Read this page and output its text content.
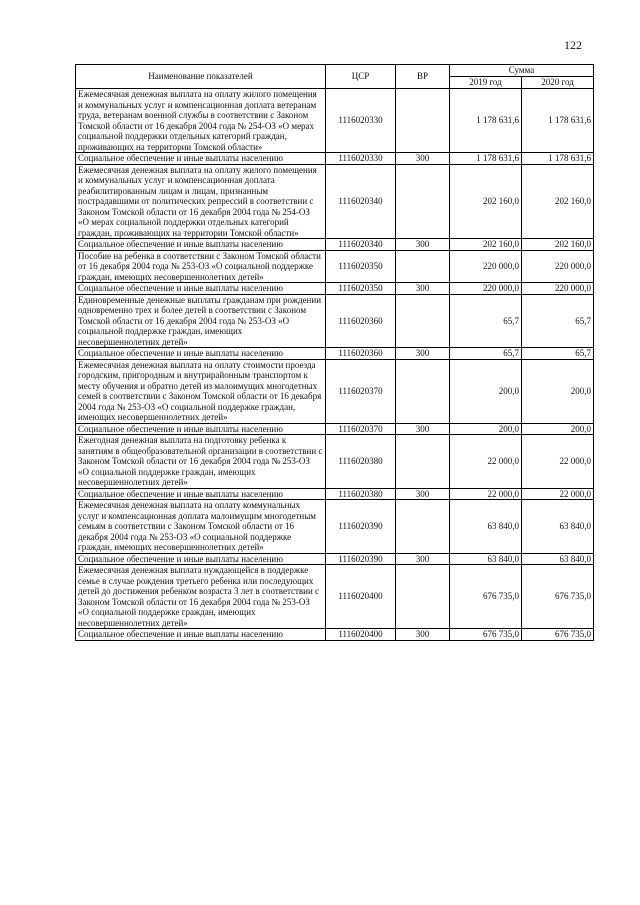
122
Наименование показателей	ЦСР	ВР	Сумма	
			2019 год	2020 год
Ежемесячная денежная выплата на оплату жилого помещения и коммунальных услуг и компенсационная доплата ветеранам труда, ветеранам военной службы в соответствии с Законом Томской области от 16 декабря 2004 года № 254-ОЗ «О мерах социальной поддержки отдельных категорий граждан, проживающих на территории Томской области»	1116020330		1 178 631,6	1 178 631,6
Социальное обеспечение и иные выплаты населению	1116020330	300	1 178 631,6	1 178 631,6
Ежемесячная денежная выплата на оплату жилого помещения и коммунальных услуг и компенсационная доплата реабилитированным лицам и лицам, признанным пострадавшими от политических репрессий в соответствии с Законом Томской области от 16 декабря 2004 года № 254-ОЗ «О мерах социальной поддержки отдельных категорий граждан, проживающих на территории Томской области»	1116020340		202 160,0	202 160,0
Социальное обеспечение и иные выплаты населению	1116020340	300	202 160,0	202 160,0
Пособие на ребенка в соответствии с Законом Томской области от 16 декабря 2004 года № 253-ОЗ «О социальной поддержке граждан, имеющих несовершеннолетних детей»	1116020350		220 000,0	220 000,0
Социальное обеспечение и иные выплаты населению	1116020350	300	220 000,0	220 000,0
Единовременные денежные выплаты гражданам при рождении одновременно трех и более детей в соответствии с Законом Томской области от 16 декабря 2004 года № 253-ОЗ «О социальной поддержке граждан, имеющих несовершеннолетних детей»	1116020360		65,7	65,7
Социальное обеспечение и иные выплаты населению	1116020360	300	65,7	65,7
Ежемесячная денежная выплата на оплату стоимости проезда городским, пригородным и внутрирайонным транспортом к месту обучения и обратно детей из малоимущих многодетных семей в соответствии с Законом Томской области от 16 декабря 2004 года № 253-ОЗ «О социальной поддержке граждан, имеющих несовершеннолетних детей»	1116020370		200,0	200,0
Социальное обеспечение и иные выплаты населению	1116020370	300	200,0	200,0
Ежегодная денежная выплата на подготовку ребенка к занятиям в общеобразовательной организации в соответствии с Законом Томской области от 16 декабря 2004 года № 253-ОЗ «О социальной поддержке граждан, имеющих несовершеннолетних детей»	1116020380		22 000,0	22 000,0
Социальное обеспечение и иные выплаты населению	1116020380	300	22 000,0	22 000,0
Ежемесячная денежная выплата на оплату коммунальных услуг и компенсационная доплата малоимущим многодетным семьям в соответствии с Законом Томской области от 16 декабря 2004 года № 253-ОЗ «О социальной поддержке граждан, имеющих несовершеннолетних детей»	1116020390		63 840,0	63 840,0
Социальное обеспечение и иные выплаты населению	1116020390	300	63 840,0	63 840,0
Ежемесячная денежная выплата нуждающейся в поддержке семье в случае рождения третьего ребенка или последующих детей до достижения ребенком возраста 3 лет в соответствии с Законом Томской области от 16 декабря 2004 года № 253-ОЗ «О социальной поддержке граждан, имеющих несовершеннолетних детей»	1116020400		676 735,0	676 735,0
Социальное обеспечение и иные выплаты населению	1116020400	300	676 735,0	676 735,0
